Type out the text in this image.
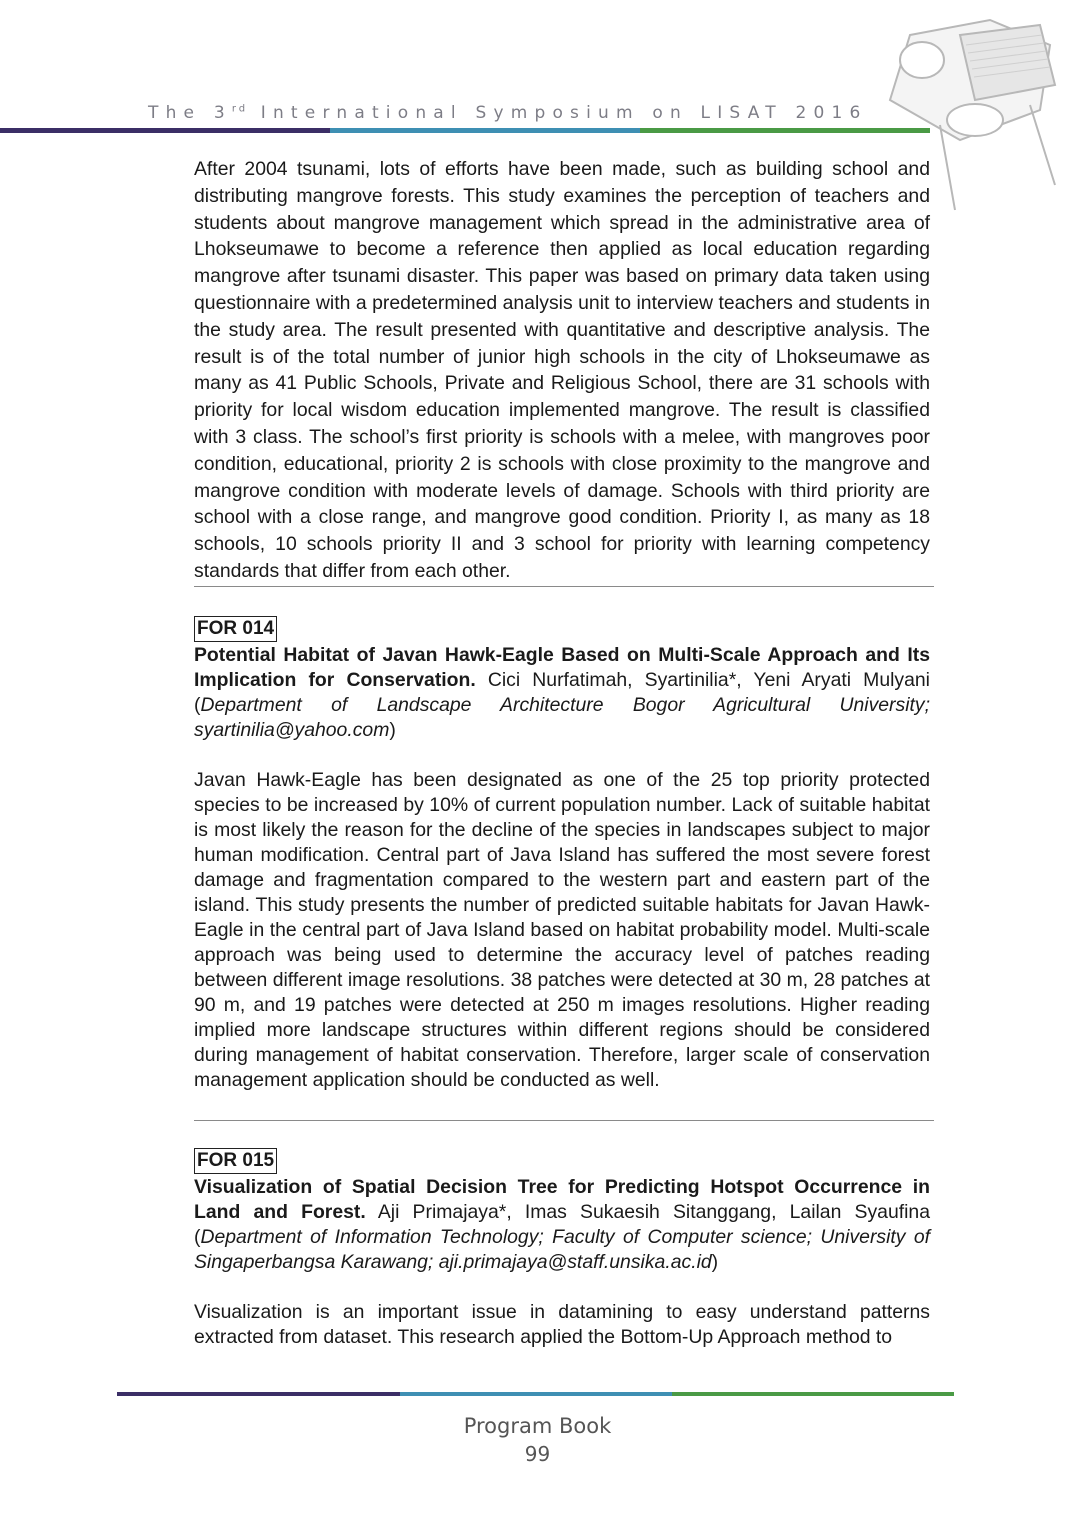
The 3rd International Symposium on LISAT 2016

After 2004 tsunami, lots of efforts have been made, such as building school and distributing mangrove forests. This study examines the perception of teachers and students about mangrove management which spread in the administrative area of Lhokseumawe to become a reference then applied as local education regarding mangrove after tsunami disaster. This paper was based on primary data taken using questionnaire with a predetermined analysis unit to interview teachers and students in the study area. The result presented with quantitative and descriptive analysis. The result is of the total number of junior high schools in the city of Lhokseumawe as many as 41 Public Schools, Private and Religious School, there are 31 schools with priority for local wisdom education implemented mangrove. The result is classified with 3 class. The school’s first priority is schools with a melee, with mangroves poor condition, educational, priority 2 is schools with close proximity to the mangrove and mangrove condition with moderate levels of damage. Schools with third priority are school with a close range, and mangrove good condition. Priority I, as many as 18 schools, 10 schools priority II and 3 school for priority with learning competency standards that differ from each other.

FOR 014
Potential Habitat of Javan Hawk-Eagle Based on Multi-Scale Approach and Its Implication for Conservation. Cici Nurfatimah, Syartinilia*, Yeni Aryati Mulyani (Department of Landscape Architecture Bogor Agricultural University; syartinilia@yahoo.com)
Javan Hawk-Eagle has been designated as one of the 25 top priority protected species to be increased by 10% of current population number. Lack of suitable habitat is most likely the reason for the decline of the species in landscapes subject to major human modification. Central part of Java Island has suffered the most severe forest damage and fragmentation compared to the western part and eastern part of the island. This study presents the number of predicted suitable habitats for Javan Hawk-Eagle in the central part of Java Island based on habitat probability model. Multi-scale approach was being used to determine the accuracy level of patches reading between different image resolutions. 38 patches were detected at 30 m, 28 patches at 90 m, and 19 patches were detected at 250 m images resolutions. Higher reading implied more landscape structures within different regions should be considered during management of habitat conservation. Therefore, larger scale of conservation management application should be conducted as well.
FOR 015
Visualization of Spatial Decision Tree for Predicting Hotspot Occurrence in Land and Forest. Aji Primajaya*, Imas Sukaesih Sitanggang, Lailan Syaufina (Department of Information Technology; Faculty of Computer science; University of Singaperbangsa Karawang; aji.primajaya@staff.unsika.ac.id)
Visualization is an important issue in datamining to easy understand patterns extracted from dataset. This research applied the Bottom-Up Approach method to
Program Book
99
